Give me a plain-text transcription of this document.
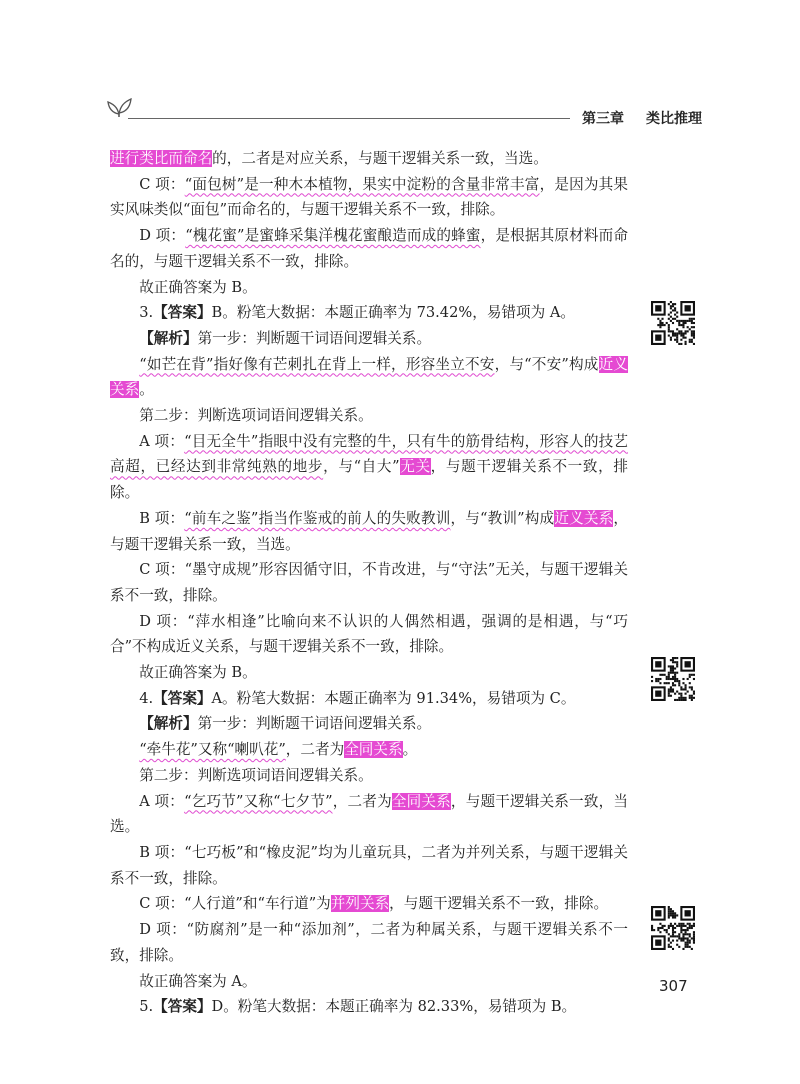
第三章 类比推理

进行类比而命名的，二者是对应关系，与题干逻辑关系一致，当选。

C 项：“面包树”是一种木本植物，果实中淀粉的含量非常丰富，是因为其果实风味类似“面包”而命名的，与题干逻辑关系不一致，排除。

D 项：“槐花蜜”是蜜蜂采集洋槐花蜜酿造而成的蜂蜜，是根据其原材料而命名的，与题干逻辑关系不一致，排除。

故正确答案为 B。

3.【答案】B。粉笔大数据：本题正确率为 73.42%，易错项为 A。

【解析】第一步：判断题干词语间逻辑关系。

“如芒在背”指好像有芒刺扎在背上一样，形容坐立不安，与“不安”构成近义关系。

第二步：判断选项词语间逻辑关系。

A 项：“目无全牛”指眼中没有完整的牛，只有牛的筋骨结构，形容人的技艺高超，已经达到非常纯熟的地步，与“自大”无关，与题干逻辑关系不一致，排除。

B 项：“前车之鉴”指当作鉴戒的前人的失败教训，与“教训”构成近义关系，与题干逻辑关系一致，当选。

C 项：“墨守成规”形容因循守旧，不肯改进，与“守法”无关，与题干逻辑关系不一致，排除。

D 项：“萍水相逢”比喻向来不认识的人偶然相遇，强调的是相遇，与“巧合”不构成近义关系，与题干逻辑关系不一致，排除。

故正确答案为 B。

4.【答案】A。粉笔大数据：本题正确率为 91.34%，易错项为 C。

【解析】第一步：判断题干词语间逻辑关系。

“牵牛花”又称“喇叭花”，二者为全同关系。

第二步：判断选项词语间逻辑关系。

A 项：“乞巧节”又称“七夕节”，二者为全同关系，与题干逻辑关系一致，当选。

B 项：“七巧板”和“橡皮泥”均为儿童玩具，二者为并列关系，与题干逻辑关系不一致，排除。

C 项：“人行道”和“车行道”为并列关系，与题干逻辑关系不一致，排除。

D 项：“防腐剂”是一种“添加剂”，二者为种属关系，与题干逻辑关系不一致，排除。

故正确答案为 A。

5.【答案】D。粉笔大数据：本题正确率为 82.33%，易错项为 B。

307
